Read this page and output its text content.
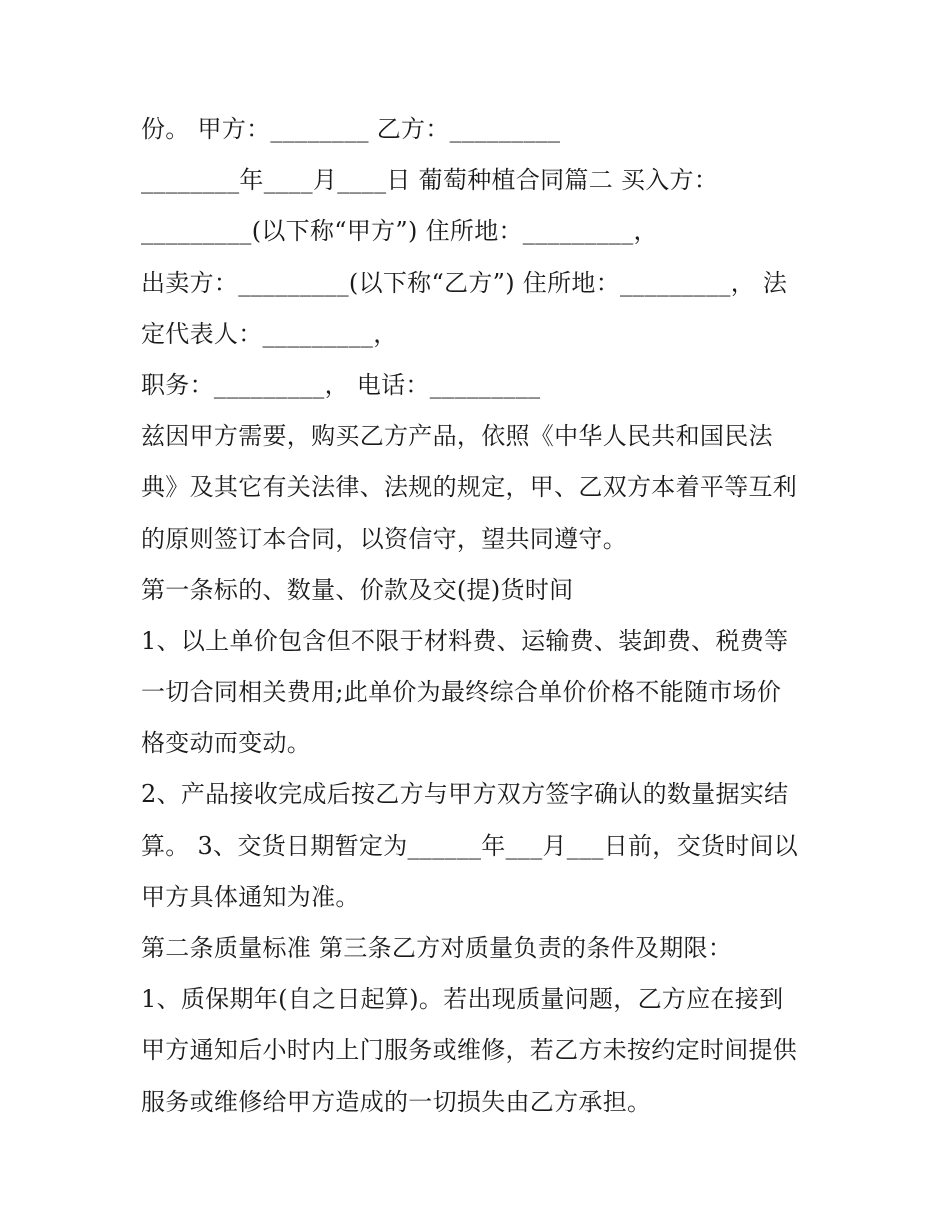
份。 甲方：________ 乙方：_________
________年____月____日 葡萄种植合同篇二 买入方：
_________(以下称“甲方”) 住所地：_________，
出卖方：_________(以下称“乙方”) 住所地：_________， 法
定代表人：_________，
职务：_________， 电话：_________
兹因甲方需要，购买乙方产品，依照《中华人民共和国民法
典》及其它有关法律、法规的规定，甲、乙双方本着平等互利
的原则签订本合同，以资信守，望共同遵守。
第一条标的、数量、价款及交(提)货时间
1、以上单价包含但不限于材料费、运输费、装卸费、税费等
一切合同相关费用;此单价为最终综合单价价格不能随市场价
格变动而变动。
2、产品接收完成后按乙方与甲方双方签字确认的数量据实结
算。 3、交货日期暂定为______年___月___日前，交货时间以
甲方具体通知为准。
第二条质量标准 第三条乙方对质量负责的条件及期限：
1、质保期年(自之日起算)。若出现质量问题，乙方应在接到
甲方通知后小时内上门服务或维修，若乙方未按约定时间提供
服务或维修给甲方造成的一切损失由乙方承担。
